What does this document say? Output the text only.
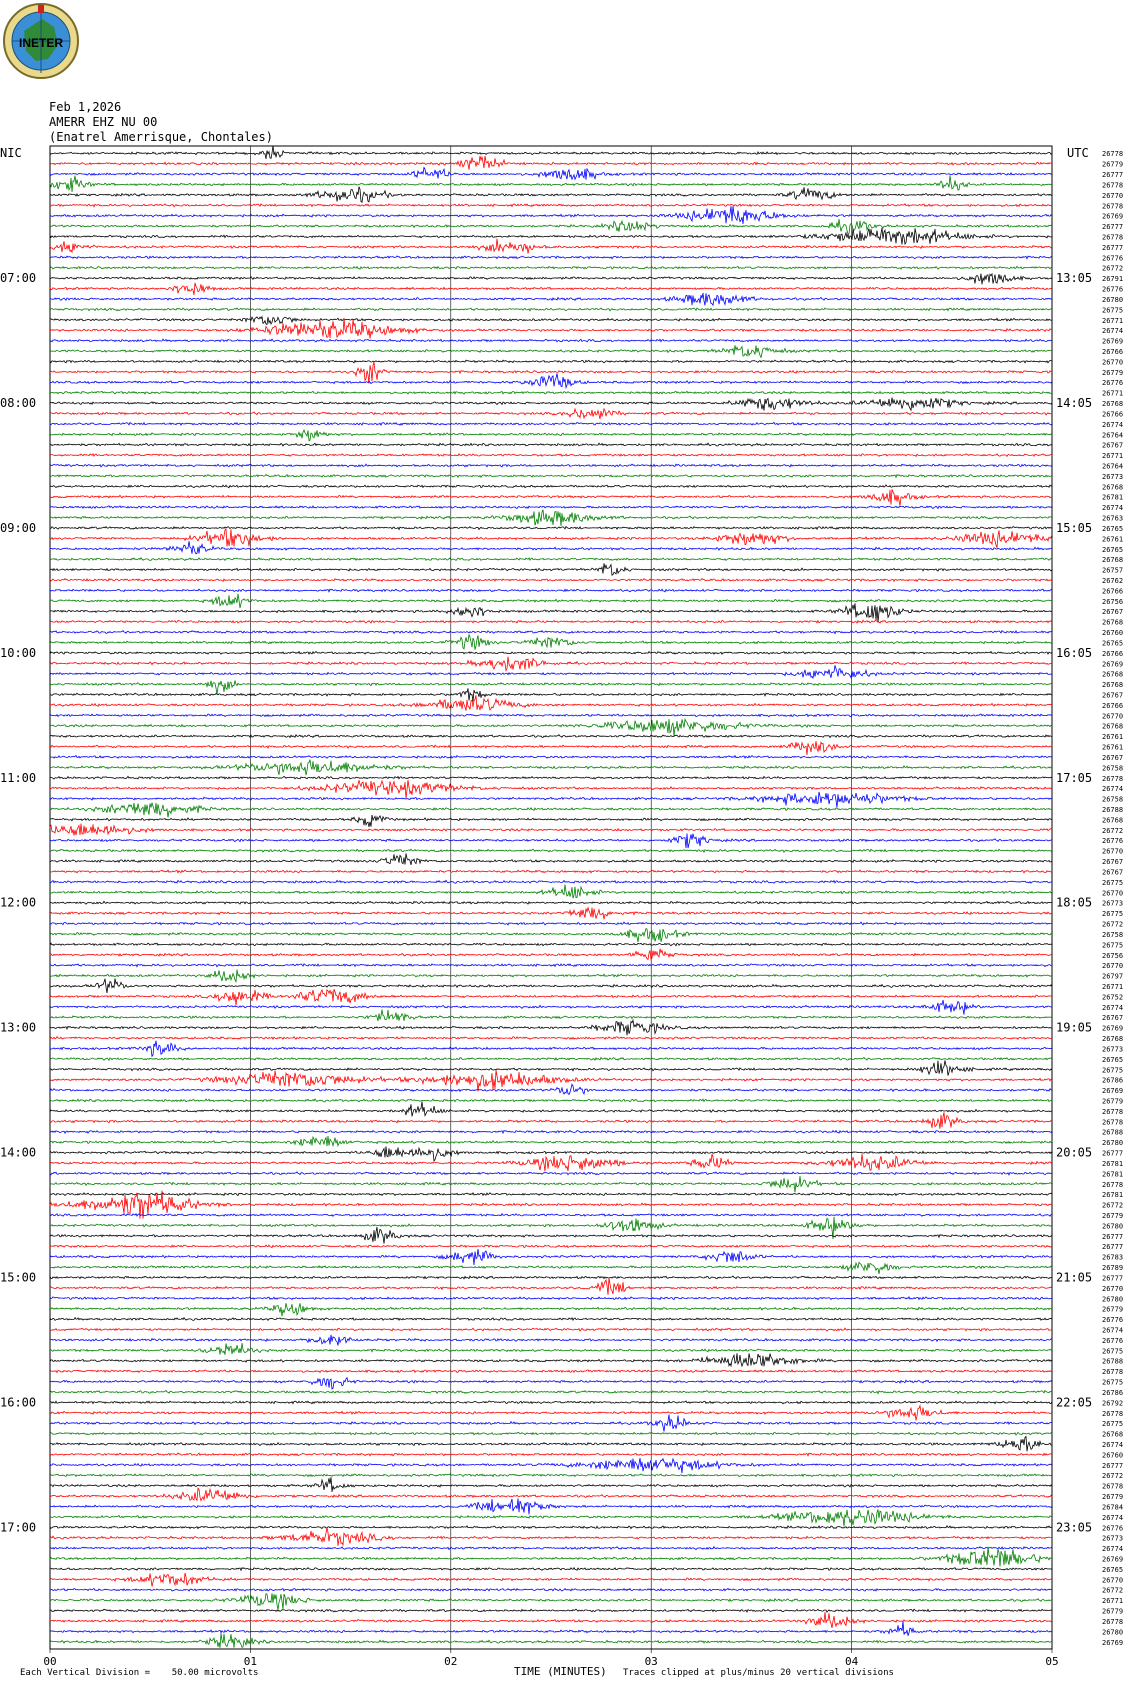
INETER
Feb 1,2026
AMERR EHZ NU 00
(Enatrel Amerrisque, Chontales)
NIC	UTC
TIME (MINUTES)
Each Vertical Division =    50.00 microvolts	Traces clipped at plus/minus 20 vertical divisions
00	01	02	03	04	05
26778
26779
26777
26778
26770
26778
26769
26777
26778
26777
26776
26772
26791
26776
26780
26775
26771
26774
26769
26766
26770
26779
26776
26771
26768
26766
26774
26764
26767
26771
26764
26773
26768
26781
26774
26763
26765
26761
26765
26768
26757
26762
26766
26756
26767
26768
26760
26765
26766
26769
26768
26768
26767
26766
26770
26768
26761
26761
26767
26758
26778
26774
26758
26788
26768
26772
26776
26770
26767
26767
26775
26770
26773
26775
26772
26758
26775
26756
26770
26797
26771
26752
26774
26767
26769
26768
26773
26765
26775
26786
26769
26779
26778
26778
26788
26780
26777
26781
26781
26778
26781
26772
26779
26780
26777
26777
26783
26789
26777
26770
26780
26779
26776
26774
26776
26775
26788
26778
26775
26786
26792
26778
26775
26768
26774
26760
26777
26772
26778
26779
26784
26774
26776
26773
26774
26769
26765
26770
26772
26771
26779
26778
26780
26769
07:00	13:05
08:00	14:05
09:00	15:05
10:00	16:05
11:00	17:05
12:00	18:05
13:00	19:05
14:00	20:05
15:00	21:05
16:00	22:05
17:00	23:05
